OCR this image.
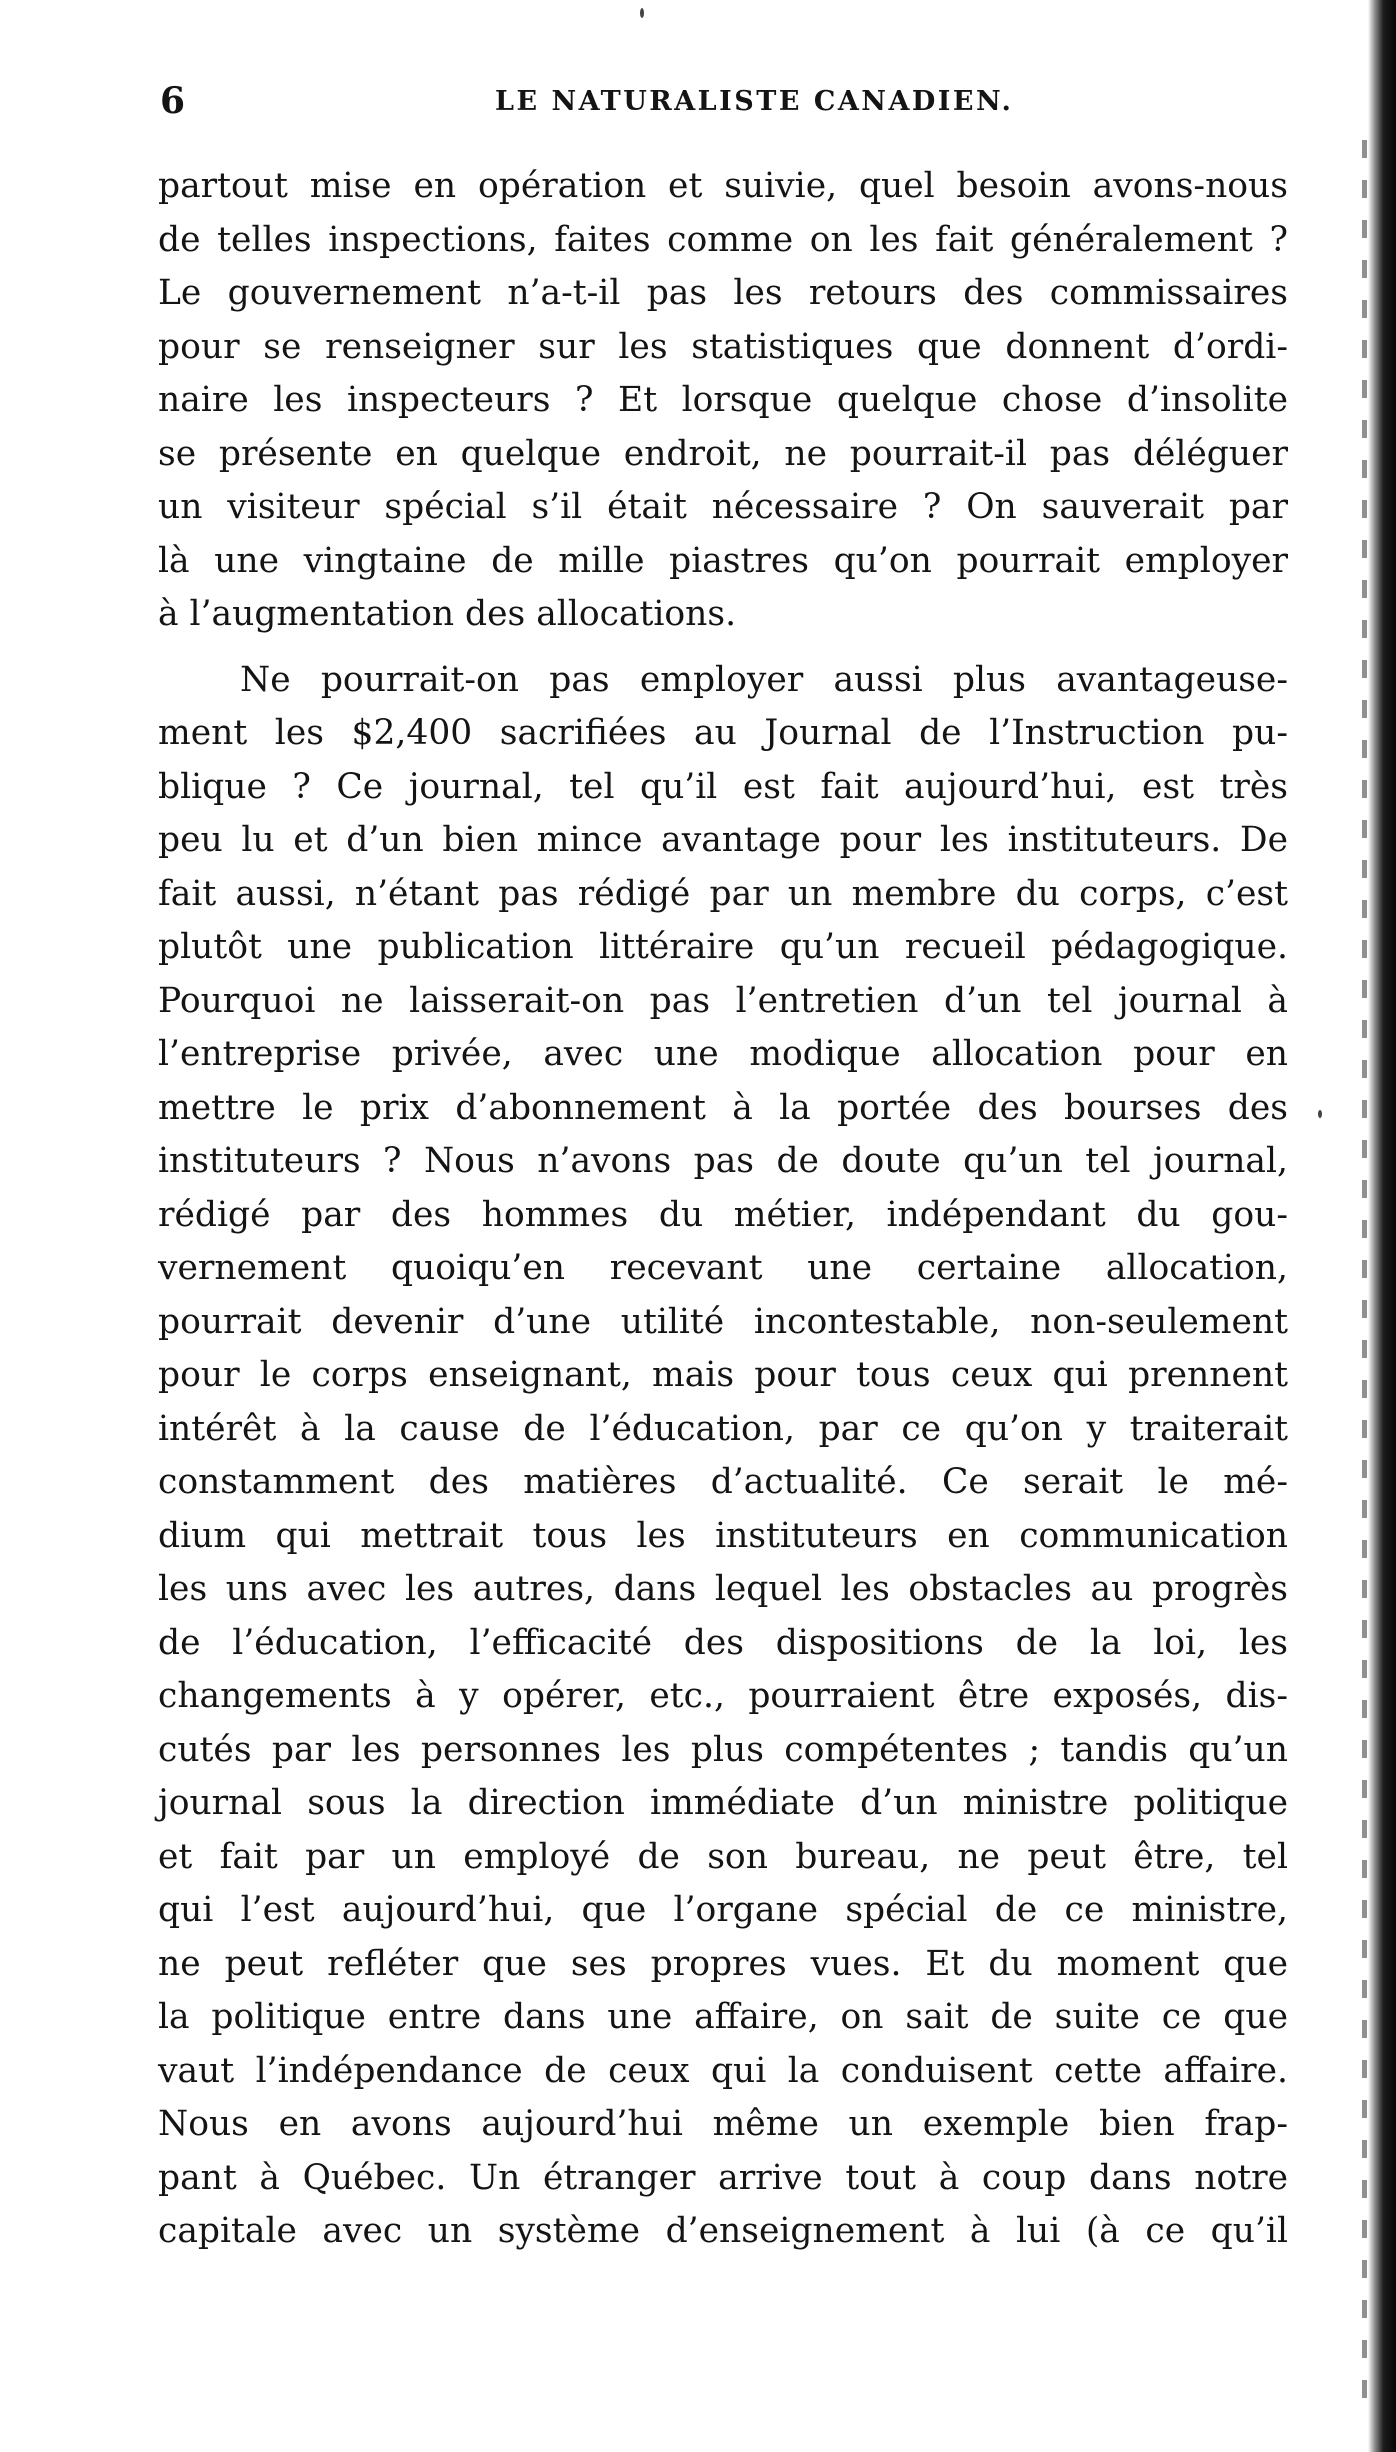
6	LE NATURALISTE CANADIEN.
partout mise en opération et suivie, quel besoin avons-nous
de telles inspections, faites comme on les fait généralement ?
Le gouvernement n’a-t-il pas les retours des commissaires
pour se renseigner sur les statistiques que donnent d’ordi-
naire les inspecteurs ? Et lorsque quelque chose d’insolite
se présente en quelque endroit, ne pourrait-il pas déléguer
un visiteur spécial s’il était nécessaire ? On sauverait par
là une vingtaine de mille piastres qu’on pourrait employer
à l’augmentation des allocations.
Ne pourrait-on pas employer aussi plus avantageuse-
ment les $2,400 sacrifiées au Journal de l’Instruction pu-
blique ? Ce journal, tel qu’il est fait aujourd’hui, est très
peu lu et d’un bien mince avantage pour les instituteurs. De
fait aussi, n’étant pas rédigé par un membre du corps, c’est
plutôt une publication littéraire qu’un recueil pédagogique.
Pourquoi ne laisserait-on pas l’entretien d’un tel journal à
l’entreprise privée, avec une modique allocation pour en
mettre le prix d’abonnement à la portée des bourses des
instituteurs ? Nous n’avons pas de doute qu’un tel journal,
rédigé par des hommes du métier, indépendant du gou-
vernement quoiqu’en recevant une certaine allocation,
pourrait devenir d’une utilité incontestable, non-seulement
pour le corps enseignant, mais pour tous ceux qui prennent
intérêt à la cause de l’éducation, par ce qu’on y traiterait
constamment des matières d’actualité. Ce serait le mé-
dium qui mettrait tous les instituteurs en communication
les uns avec les autres, dans lequel les obstacles au progrès
de l’éducation, l’efficacité des dispositions de la loi, les
changements à y opérer, etc., pourraient être exposés, dis-
cutés par les personnes les plus compétentes ; tandis qu’un
journal sous la direction immédiate d’un ministre politique
et fait par un employé de son bureau, ne peut être, tel
qui l’est aujourd’hui, que l’organe spécial de ce ministre,
ne peut refléter que ses propres vues. Et du moment que
la politique entre dans une affaire, on sait de suite ce que
vaut l’indépendance de ceux qui la conduisent cette affaire.
Nous en avons aujourd’hui même un exemple bien frap-
pant à Québec. Un étranger arrive tout à coup dans notre
capitale avec un système d’enseignement à lui (à ce qu’il
